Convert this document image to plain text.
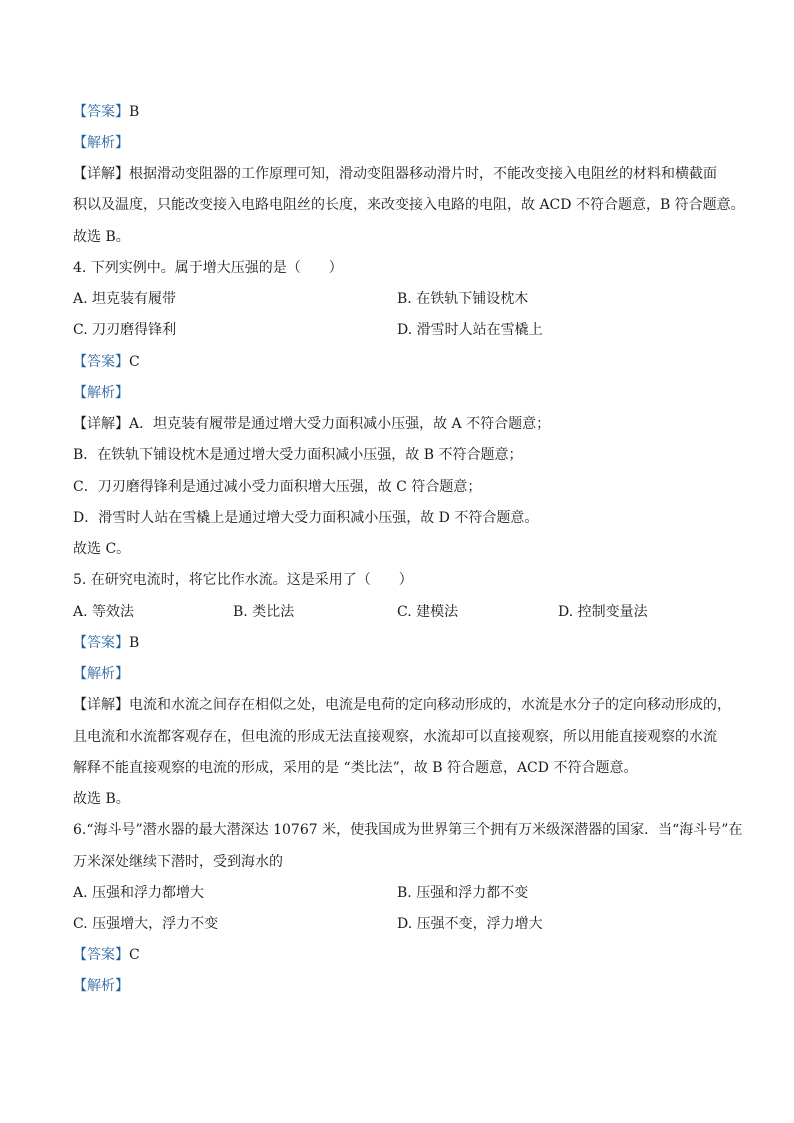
【答案】B
【解析】
【详解】根据滑动变阻器的工作原理可知，滑动变阻器移动滑片时，不能改变接入电阻丝的材料和横截面
积以及温度，只能改变接入电路电阻丝的长度，来改变接入电路的电阻，故 ACD 不符合题意，B 符合题意。
故选 B。
4. 下列实例中。属于增大压强的是（　　）
A. 坦克装有履带	B. 在铁轨下铺设枕木
C. 刀刃磨得锋利	D. 滑雪时人站在雪橇上
【答案】C
【解析】
【详解】A．坦克装有履带是通过增大受力面积减小压强，故 A 不符合题意；
B．在铁轨下铺设枕木是通过增大受力面积减小压强，故 B 不符合题意；
C．刀刃磨得锋利是通过减小受力面积增大压强，故 C 符合题意；
D．滑雪时人站在雪橇上是通过增大受力面积减小压强，故 D 不符合题意。
故选 C。
5. 在研究电流时，将它比作水流。这是采用了（　　）
A. 等效法	B. 类比法	C. 建模法	D. 控制变量法
【答案】B
【解析】
【详解】电流和水流之间存在相似之处，电流是电荷的定向移动形成的，水流是水分子的定向移动形成的，
且电流和水流都客观存在，但电流的形成无法直接观察，水流却可以直接观察，所以用能直接观察的水流
解释不能直接观察的电流的形成，采用的是 “类比法”，故 B 符合题意，ACD 不符合题意。
故选 B。
6.“海斗号”潜水器的最大潜深达 10767 米，使我国成为世界第三个拥有万米级深潜器的国家．当“海斗号”在
万米深处继续下潜时，受到海水的
A. 压强和浮力都增大	B. 压强和浮力都不变
C. 压强增大，浮力不变	D. 压强不变，浮力增大
【答案】C
【解析】
